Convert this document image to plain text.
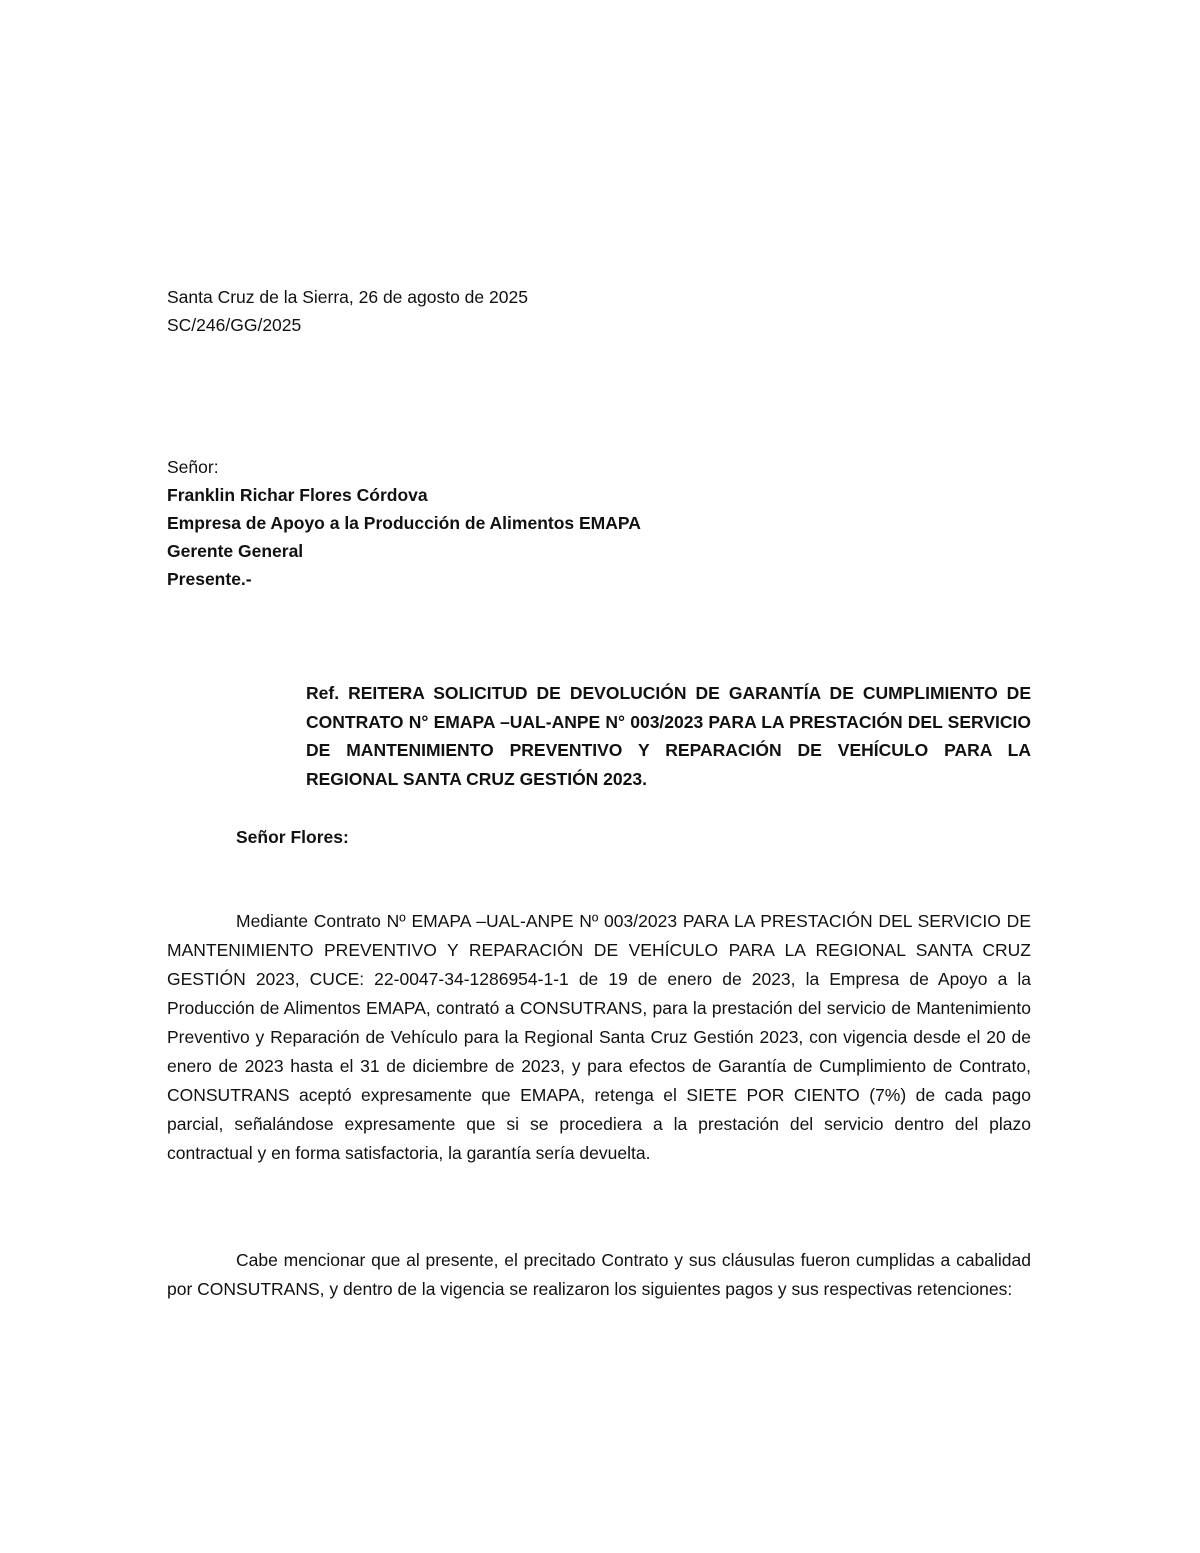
Santa Cruz de la Sierra, 26 de agosto de 2025
SC/246/GG/2025
Señor:
Franklin Richar Flores Córdova
Empresa de Apoyo a la Producción de Alimentos EMAPA
Gerente General
Presente.-
Ref. REITERA SOLICITUD DE DEVOLUCIÓN DE GARANTÍA DE CUMPLIMIENTO DE CONTRATO N° EMAPA –UAL-ANPE N° 003/2023 PARA LA PRESTACIÓN DEL SERVICIO DE MANTENIMIENTO PREVENTIVO Y REPARACIÓN DE VEHÍCULO PARA LA REGIONAL SANTA CRUZ GESTIÓN 2023.
Señor Flores:
Mediante Contrato Nº EMAPA –UAL-ANPE Nº 003/2023 PARA LA PRESTACIÓN DEL SERVICIO DE MANTENIMIENTO PREVENTIVO Y REPARACIÓN DE VEHÍCULO PARA LA REGIONAL SANTA CRUZ GESTIÓN 2023, CUCE: 22-0047-34-1286954-1-1 de 19 de enero de 2023, la Empresa de Apoyo a la Producción de Alimentos EMAPA, contrató a CONSUTRANS, para la prestación del servicio de Mantenimiento Preventivo y Reparación de Vehículo para la Regional Santa Cruz Gestión 2023, con vigencia desde el 20 de enero de 2023 hasta el 31 de diciembre de 2023, y para efectos de Garantía de Cumplimiento de Contrato, CONSUTRANS aceptó expresamente que EMAPA, retenga el SIETE POR CIENTO (7%) de cada pago parcial, señalándose expresamente que si se procediera a la prestación del servicio dentro del plazo contractual y en forma satisfactoria, la garantía sería devuelta.
Cabe mencionar que al presente, el precitado Contrato y sus cláusulas fueron cumplidas a cabalidad por CONSUTRANS, y dentro de la vigencia se realizaron los siguientes pagos y sus respectivas retenciones:
